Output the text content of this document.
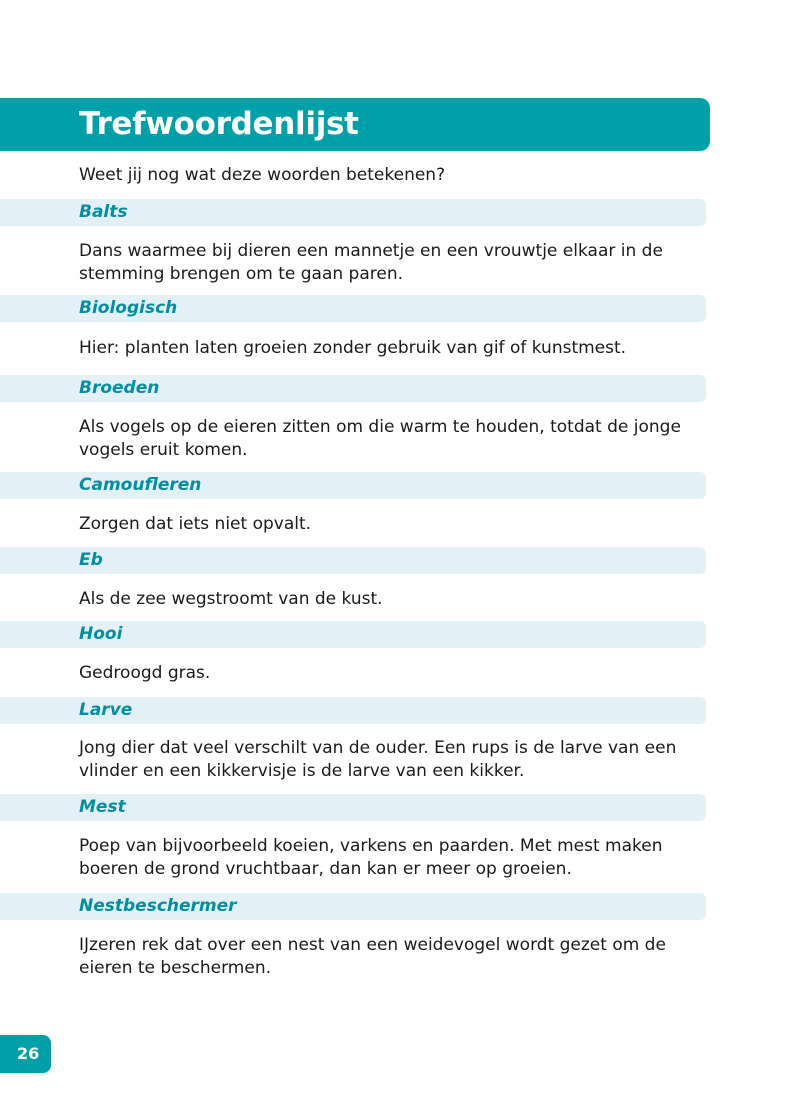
Trefwoordenlijst
Weet jij nog wat deze woorden betekenen?
Balts
Dans waarmee bij dieren een mannetje en een vrouwtje elkaar in de stemming brengen om te gaan paren.
Biologisch
Hier: planten laten groeien zonder gebruik van gif of kunstmest.
Broeden
Als vogels op de eieren zitten om die warm te houden, totdat de jonge vogels eruit komen.
Camoufleren
Zorgen dat iets niet opvalt.
Eb
Als de zee wegstroomt van de kust.
Hooi
Gedroogd gras.
Larve
Jong dier dat veel verschilt van de ouder. Een rups is de larve van een vlinder en een kikkervisje is de larve van een kikker.
Mest
Poep van bijvoorbeeld koeien, varkens en paarden. Met mest maken boeren de grond vruchtbaar, dan kan er meer op groeien.
Nestbeschermer
IJzeren rek dat over een nest van een weidevogel wordt gezet om de eieren te beschermen.
26
